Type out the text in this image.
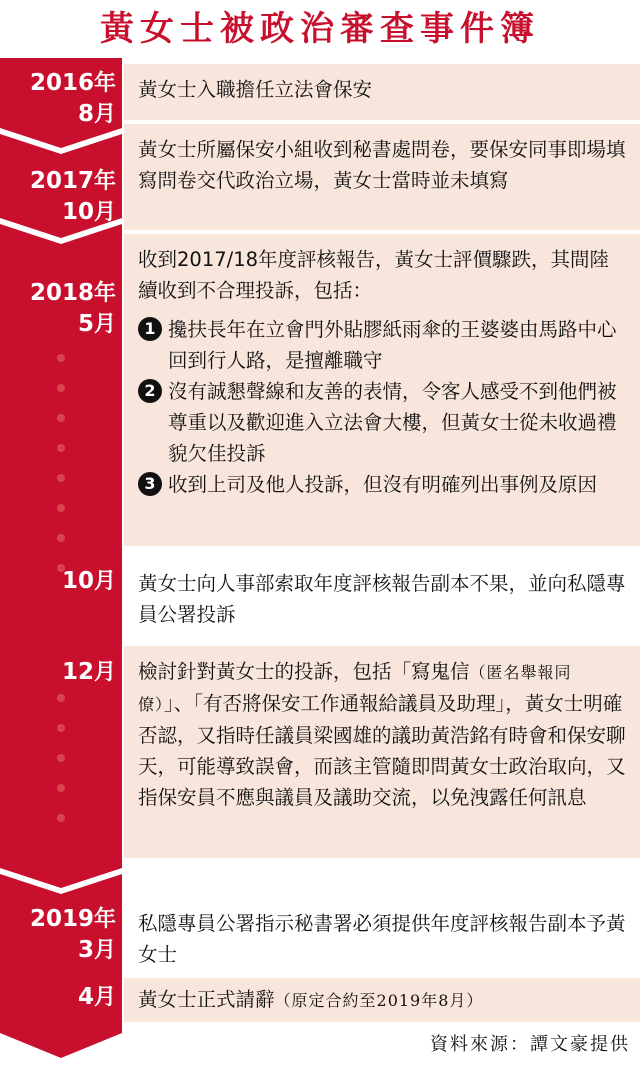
黃女士被政治審查事件簿
2016年
8月
2017年
10月
2018年
5月
10月
12月
2019年
3月
4月

黃女士入職擔任立法會保安

黃女士所屬保安小組收到秘書處問卷，要保安同事即場填寫問卷交代政治立場，黃女士當時並未填寫

收到2017/18年度評核報告，黃女士評價驟跌，其間陸續收到不合理投訴，包括：

1 攙扶長年在立會門外貼膠紙雨傘的王婆婆由馬路中心回到行人路，是擅離職守
2 沒有誠懇聲線和友善的表情，令客人感受不到他們被尊重以及歡迎進入立法會大樓，但黃女士從未收過禮貌欠佳投訴
3 收到上司及他人投訴，但沒有明確列出事例及原因

黃女士向人事部索取年度評核報告副本不果，並向私隱專員公署投訴

檢討針對黃女士的投訴，包括「寫鬼信（匿名舉報同僚）」、「有否將保安工作通報給議員及助理」，黃女士明確否認，又指時任議員梁國雄的議助黃浩銘有時會和保安聊天，可能導致誤會，而該主管隨即問黃女士政治取向，又指保安員不應與議員及議助交流，以免洩露任何訊息

私隱專員公署指示秘書署必須提供年度評核報告副本予黃女士

黃女士正式請辭（原定合約至2019年8月）

資料來源：譚文豪提供
